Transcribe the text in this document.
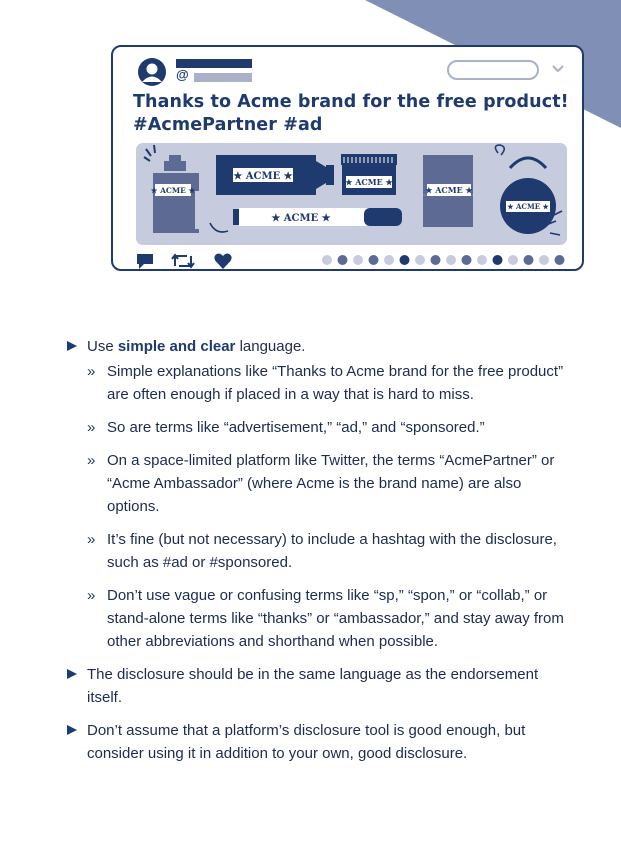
@

Thanks to Acme brand for the free product!
#AcmePartner #ad

★ ACME ★
★ ACME ★	★ ACME ★
★ ACME ★
★ ACME ★
★ ACME ★
Use simple and clear language.
» Simple explanations like “Thanks to Acme brand for the free product” are often enough if placed in a way that is hard to miss.
» So are terms like “advertisement,” “ad,” and “sponsored.”
» On a space-limited platform like Twitter, the terms “AcmePartner” or “Acme Ambassador” (where Acme is the brand name) are also options.
» It’s fine (but not necessary) to include a hashtag with the disclosure, such as #ad or #sponsored.
» Don’t use vague or confusing terms like “sp,” “spon,” or “collab,” or stand-alone terms like “thanks” or “ambassador,” and stay away from other abbreviations and shorthand when possible.
The disclosure should be in the same language as the endorsement itself.
Don’t assume that a platform’s disclosure tool is good enough, but consider using it in addition to your own, good disclosure.
